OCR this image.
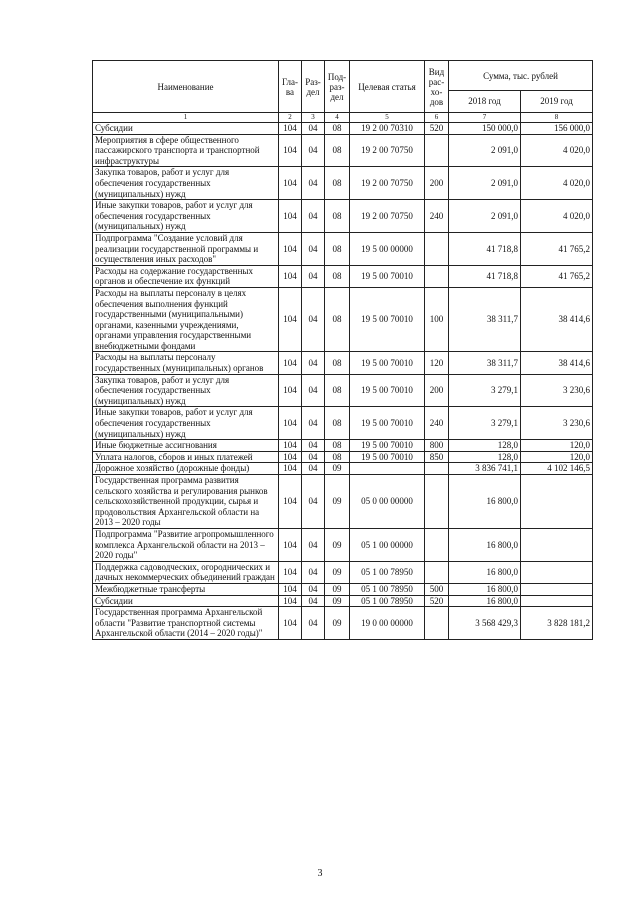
Наименование	Гла- ва	Раз- дел	Под- раз- дел	Целевая статья	Вид рас- хо- дов	Сумма, тыс. рублей	
						2018 год	2019 год
1	2	3	4	5	6	7	8
Субсидии	104	04	08	19 2 00 70310	520	150 000,0	156 000,0
Мероприятия в сфере общественного пассажирского транспорта и транспортной инфраструктуры	104	04	08	19 2 00 70750		2 091,0	4 020,0
Закупка товаров, работ и услуг для обеспечения государственных (муниципальных) нужд	104	04	08	19 2 00 70750	200	2 091,0	4 020,0
Иные закупки товаров, работ и услуг для обеспечения государственных (муниципальных) нужд	104	04	08	19 2 00 70750	240	2 091,0	4 020,0
Подпрограмма "Создание условий для реализации государственной программы и осуществления иных расходов"	104	04	08	19 5 00 00000		41 718,8	41 765,2
Расходы на содержание государственных органов и обеспечение их функций	104	04	08	19 5 00 70010		41 718,8	41 765,2
Расходы на выплаты персоналу в целях обеспечения выполнения функций государственными (муниципальными) органами, казенными учреждениями, органами управления государственными внебюджетными фондами	104	04	08	19 5 00 70010	100	38 311,7	38 414,6
Расходы на выплаты персоналу государственных (муниципальных) органов	104	04	08	19 5 00 70010	120	38 311,7	38 414,6
Закупка товаров, работ и услуг для обеспечения государственных (муниципальных) нужд	104	04	08	19 5 00 70010	200	3 279,1	3 230,6
Иные закупки товаров, работ и услуг для обеспечения государственных (муниципальных) нужд	104	04	08	19 5 00 70010	240	3 279,1	3 230,6
Иные бюджетные ассигнования	104	04	08	19 5 00 70010	800	128,0	120,0
Уплата налогов, сборов и иных платежей	104	04	08	19 5 00 70010	850	128,0	120,0
Дорожное хозяйство (дорожные фонды)	104	04	09			3 836 741,1	4 102 146,5
Государственная программа развития сельского хозяйства и регулирования рынков сельскохозяйственной продукции, сырья и продовольствия Архангельской области на 2013 – 2020 годы	104	04	09	05 0 00 00000		16 800,0	
Подпрограмма "Развитие агропромышленного комплекса Архангельской области на 2013 – 2020 годы"	104	04	09	05 1 00 00000		16 800,0	
Поддержка садоводческих, огороднических и дачных некоммерческих объединений граждан	104	04	09	05 1 00 78950		16 800,0	
Межбюджетные трансферты	104	04	09	05 1 00 78950	500	16 800,0	
Субсидии	104	04	09	05 1 00 78950	520	16 800,0	
Государственная программа Архангельской области "Развитие транспортной системы Архангельской области (2014 – 2020 годы)"	104	04	09	19 0 00 00000		3 568 429,3	3 828 181,2
3
